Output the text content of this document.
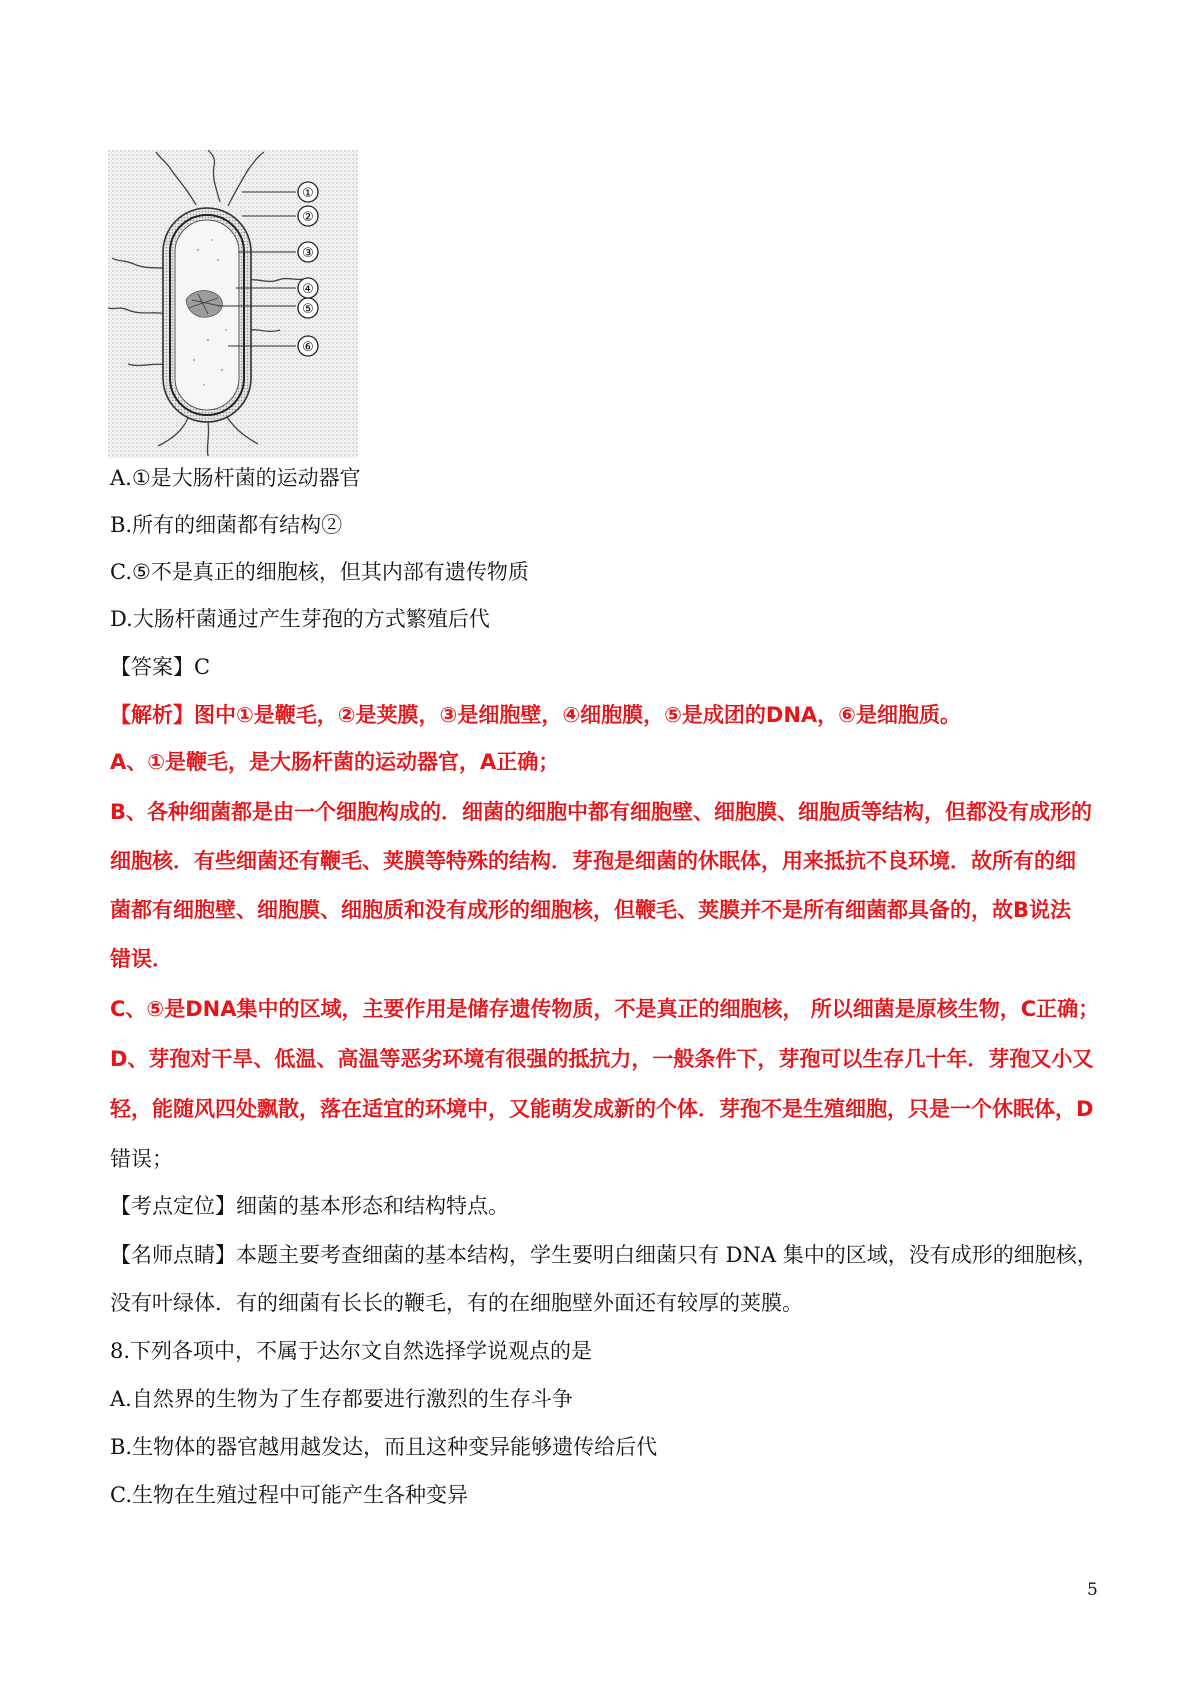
①
②
③
④
⑤
⑥
A.①是大肠杆菌的运动器官
B.所有的细菌都有结构②
C.⑤不是真正的细胞核，但其内部有遗传物质
D.大肠杆菌通过产生芽孢的方式繁殖后代
【答案】C
【解析】图中①是鞭毛，②是荚膜，③是细胞壁，④细胞膜，⑤是成团的DNA，⑥是细胞质。
A、①是鞭毛，是大肠杆菌的运动器官，A正确；
B、各种细菌都是由一个细胞构成的．细菌的细胞中都有细胞壁、细胞膜、细胞质等结构，但都没有成形的
细胞核．有些细菌还有鞭毛、荚膜等特殊的结构．芽孢是细菌的休眠体，用来抵抗不良环境．故所有的细
菌都有细胞壁、细胞膜、细胞质和没有成形的细胞核，但鞭毛、荚膜并不是所有细菌都具备的，故B说法
错误．
C、⑤是DNA集中的区域，主要作用是储存遗传物质，不是真正的细胞核， 所以细菌是原核生物，C正确；
D、芽孢对干旱、低温、高温等恶劣环境有很强的抵抗力，一般条件下，芽孢可以生存几十年．芽孢又小又
轻，能随风四处飘散，落在适宜的环境中，又能萌发成新的个体．芽孢不是生殖细胞，只是一个休眠体，D
错误；
【考点定位】细菌的基本形态和结构特点。
【名师点睛】本题主要考查细菌的基本结构，学生要明白细菌只有 DNA 集中的区域，没有成形的细胞核，
没有叶绿体．有的细菌有长长的鞭毛，有的在细胞壁外面还有较厚的荚膜。
8.下列各项中，不属于达尔文自然选择学说观点的是
A.自然界的生物为了生存都要进行激烈的生存斗争
B.生物体的器官越用越发达，而且这种变异能够遗传给后代
C.生物在生殖过程中可能产生各种变异
5
